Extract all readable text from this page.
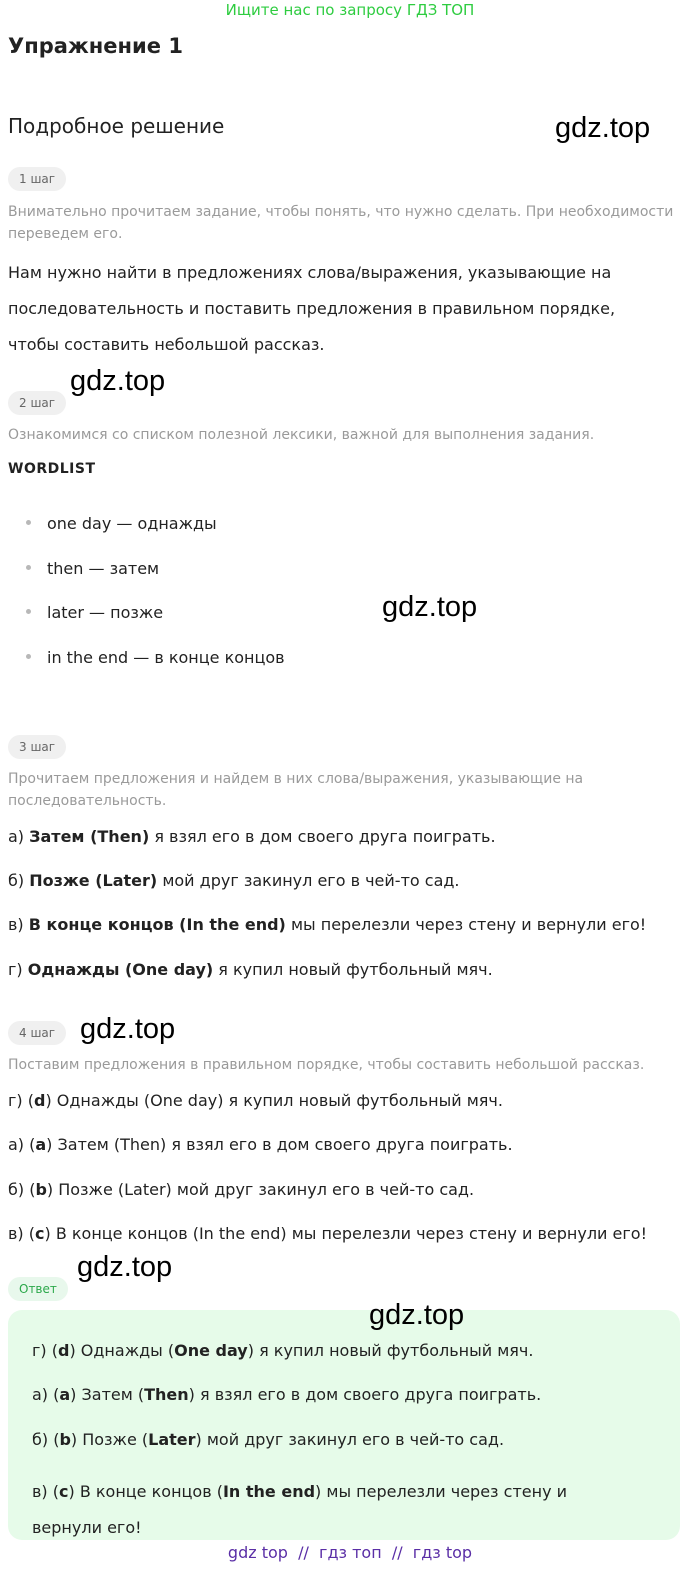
Ищите нас по запросу ГДЗ ТОП
Упражнение 1
Подробное решение	gdz.top
gdz.top
gdz.top
gdz.top
gdz.top
1 шаг
Внимательно прочитаем задание, чтобы понять, что нужно сделать. При необходимости переведем его.
Нам нужно найти в предложениях слова/выражения, указывающие на последовательность и поставить предложения в правильном порядке, чтобы составить небольшой рассказ.
2 шаг
Ознакомимся со списком полезной лексики, важной для выполнения задания.
WORDLIST
one day — однажды
then — затем
later — позже
in the end — в конце концов
3 шаг
Прочитаем предложения и найдем в них слова/выражения, указывающие на последовательность.
а) Затем (Then) я взял его в дом своего друга поиграть.
б) Позже (Later) мой друг закинул его в чей-то сад.
в) В конце концов (In the end) мы перелезли через стену и вернули его!
г) Однажды (One day) я купил новый футбольный мяч.
4 шаг
Поставим предложения в правильном порядке, чтобы составить небольшой рассказ.
г) (d) Однажды (One day) я купил новый футбольный мяч.
а) (a) Затем (Then) я взял его в дом своего друга поиграть.
б) (b) Позже (Later) мой друг закинул его в чей-то сад.
в) (c) В конце концов (In the end) мы перелезли через стену и вернули его!
Ответ
gdz.top
г) (d) Однажды (One day) я купил новый футбольный мяч.
а) (a) Затем (Then) я взял его в дом своего друга поиграть.
б) (b) Позже (Later) мой друг закинул его в чей-то сад.
в) (c) В конце концов (In the end) мы перелезли через стену и вернули его!
gdz top  //  гдз топ  //  гдз top
